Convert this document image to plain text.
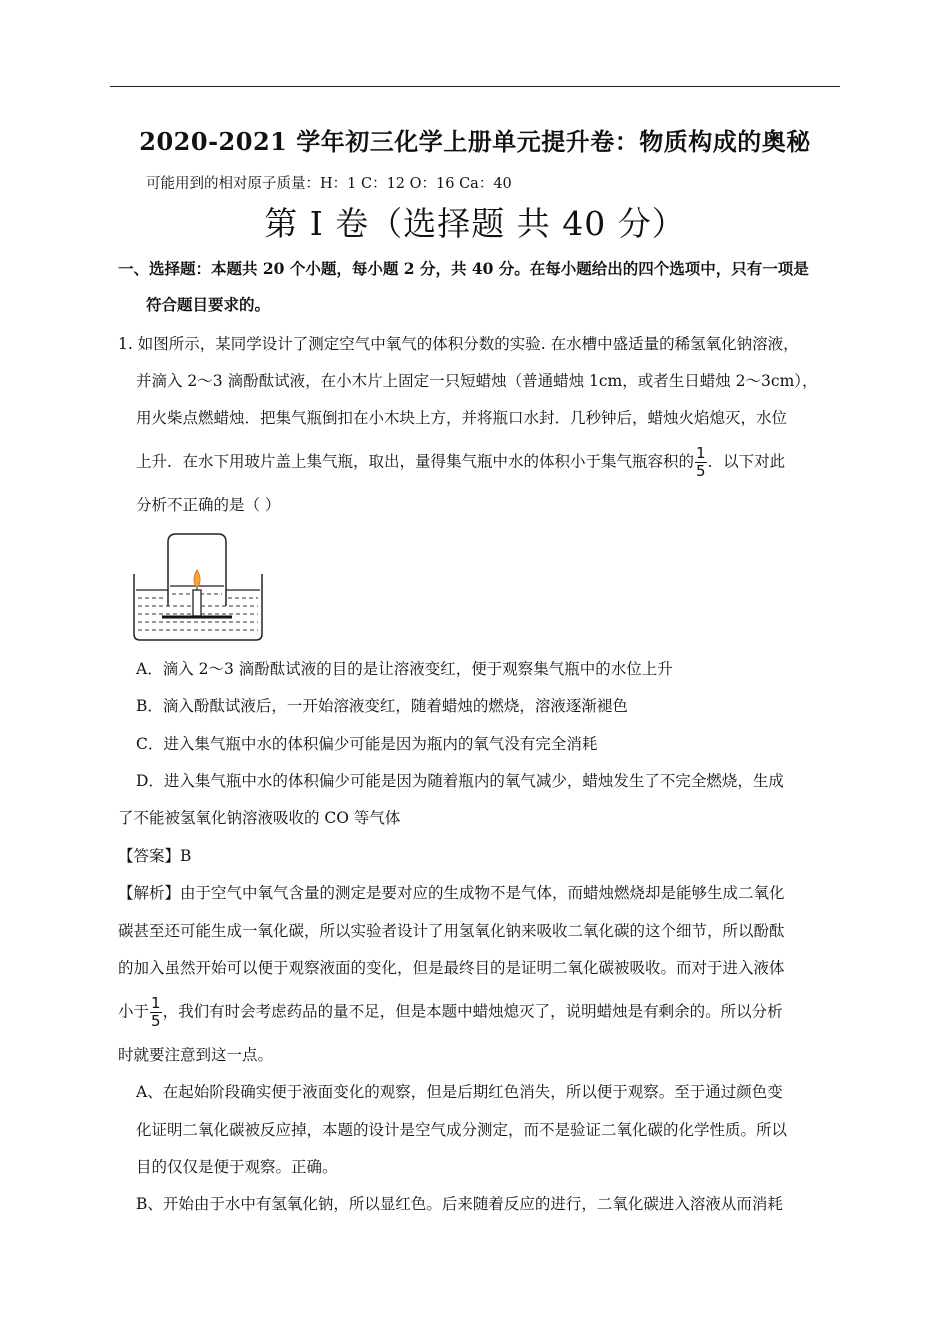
2020-2021 学年初三化学上册单元提升卷：物质构成的奥秘
可能用到的相对原子质量：H：1 C：12 O：16 Ca：40
第 I 卷（选择题 共 40 分）
一、选择题：本题共 20 个小题，每小题 2 分，共 40 分。在每小题给出的四个选项中，只有一项是
符合题目要求的。
1. 如图所示，某同学设计了测定空气中氧气的体积分数的实验. 在水槽中盛适量的稀氢氧化钠溶液，
并滴入 2～3 滴酚酞试液，在小木片上固定一只短蜡烛（普通蜡烛 1cm，或者生日蜡烛 2～3cm），
用火柴点燃蜡烛．把集气瓶倒扣在小木块上方，并将瓶口水封．几秒钟后，蜡烛火焰熄灭，水位
上升．在水下用玻片盖上集气瓶，取出，量得集气瓶中水的体积小于集气瓶容积的 $\frac{1}{5}$ ．以下对此
分析不正确的是（ ）
A．滴入 2～3 滴酚酞试液的目的是让溶液变红，便于观察集气瓶中的水位上升
B．滴入酚酞试液后，一开始溶液变红，随着蜡烛的燃烧，溶液逐渐褪色
C．进入集气瓶中水的体积偏少可能是因为瓶内的氧气没有完全消耗
D．进入集气瓶中水的体积偏少可能是因为随着瓶内的氧气减少，蜡烛发生了不完全燃烧，生成
了不能被氢氧化钠溶液吸收的 CO 等气体
【答案】B
【解析】由于空气中氧气含量的测定是要对应的生成物不是气体，而蜡烛燃烧却是能够生成二氧化
碳甚至还可能生成一氧化碳，所以实验者设计了用氢氧化钠来吸收二氧化碳的这个细节，所以酚酞
的加入虽然开始可以便于观察液面的变化，但是最终目的是证明二氧化碳被吸收。而对于进入液体
小于 $\frac{1}{5}$ ，我们有时会考虑药品的量不足，但是本题中蜡烛熄灭了，说明蜡烛是有剩余的。所以分析
时就要注意到这一点。
A、在起始阶段确实便于液面变化的观察，但是后期红色消失，所以便于观察。至于通过颜色变
化证明二氧化碳被反应掉，本题的设计是空气成分测定，而不是验证二氧化碳的化学性质。所以
目的仅仅是便于观察。正确。
B、开始由于水中有氢氧化钠，所以显红色。后来随着反应的进行，二氧化碳进入溶液从而消耗
